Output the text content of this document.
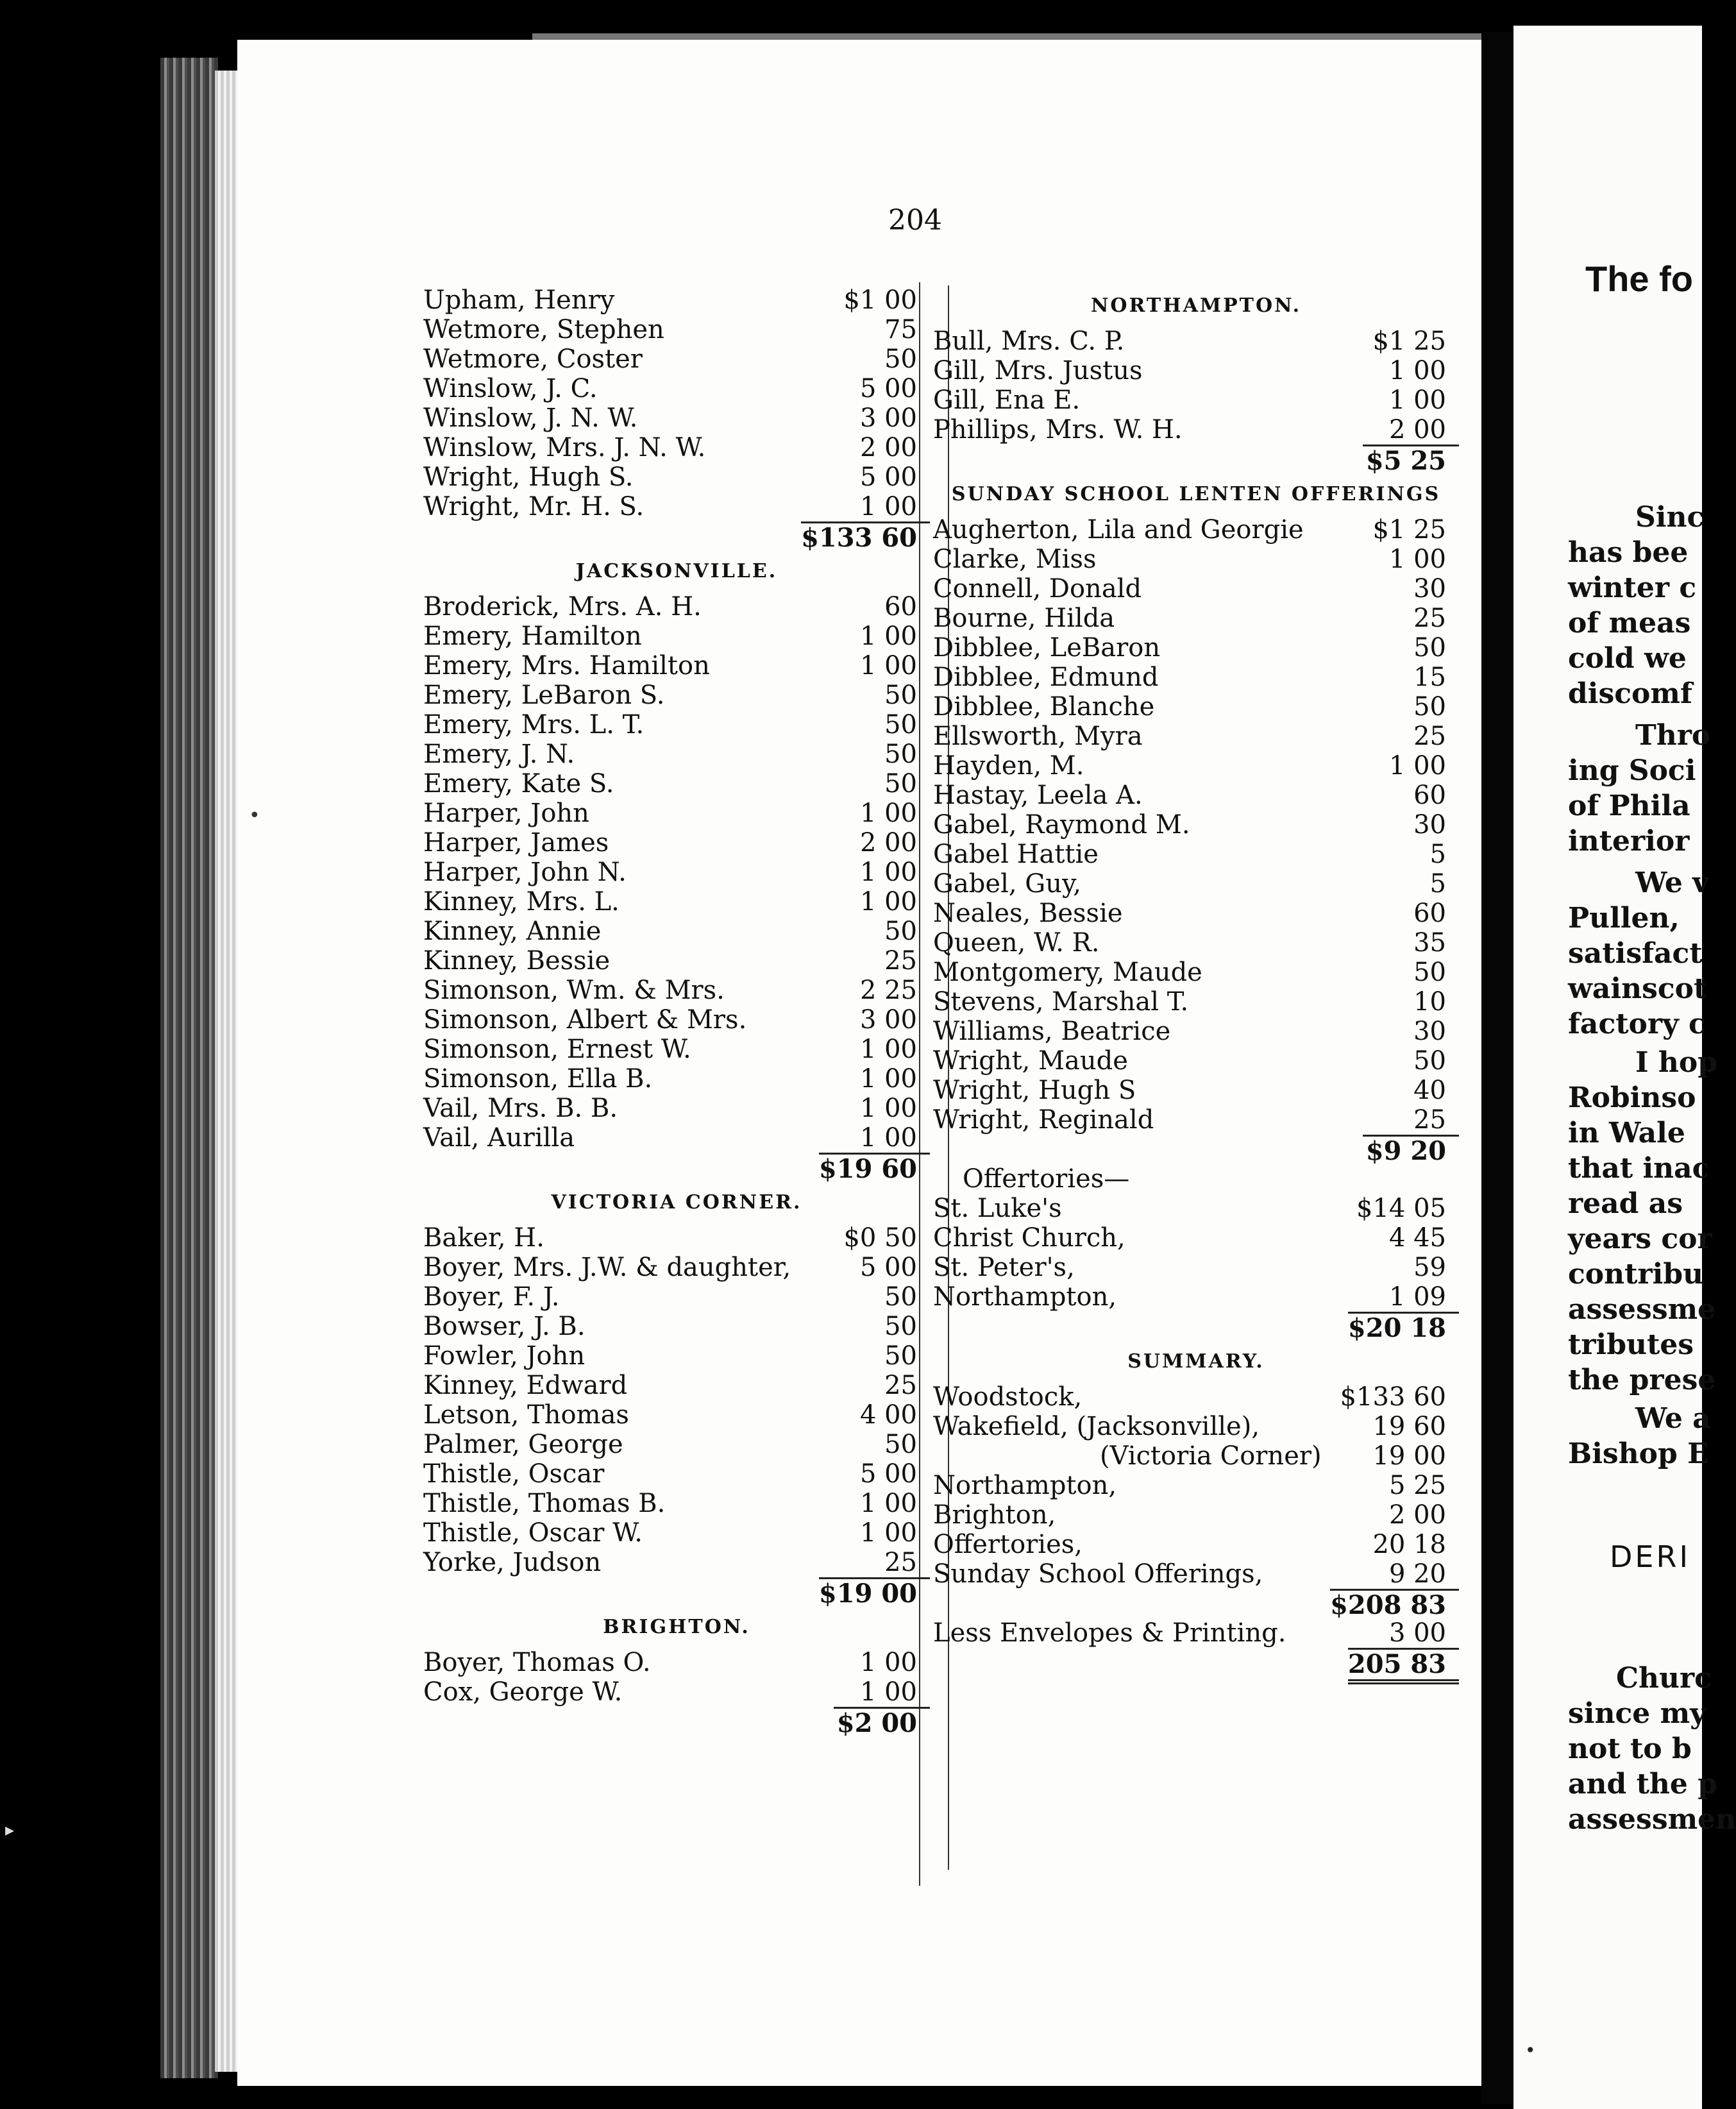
•
▸
•
204
Upham, Henry	$1 00
Wetmore, Stephen	75
Wetmore, Coster	50
Winslow, J. C.	5 00
Winslow, J. N. W.	3 00
Winslow, Mrs. J. N. W.	2 00
Wright, Hugh S.	5 00
Wright, Mr. H. S.	1 00
$133 60
JACKSONVILLE.
Broderick, Mrs. A. H.	60
Emery, Hamilton	1 00
Emery, Mrs. Hamilton	1 00
Emery, LeBaron S.	50
Emery, Mrs. L. T.	50
Emery, J. N.	50
Emery, Kate S.	50
Harper, John	1 00
Harper, James	2 00
Harper, John N.	1 00
Kinney, Mrs. L.	1 00
Kinney, Annie	50
Kinney, Bessie	25
Simonson, Wm. & Mrs.	2 25
Simonson, Albert & Mrs.	3 00
Simonson, Ernest W.	1 00
Simonson, Ella B.	1 00
Vail, Mrs. B. B.	1 00
Vail, Aurilla	1 00
$19 60
VICTORIA CORNER.
Baker, H.	$0 50
Boyer, Mrs. J.W. & daughter,	5 00
Boyer, F. J.	50
Bowser, J. B.	50
Fowler, John	50
Kinney, Edward	25
Letson, Thomas	4 00
Palmer, George	50
Thistle, Oscar	5 00
Thistle, Thomas B.	1 00
Thistle, Oscar W.	1 00
Yorke, Judson	25
$19 00
BRIGHTON.
Boyer, Thomas O.	1 00
Cox, George W.	1 00
$2 00
NORTHAMPTON.
Bull, Mrs. C. P.	$1 25
Gill, Mrs. Justus	1 00
Gill, Ena E.	1 00
Phillips, Mrs. W. H.	2 00
$5 25
SUNDAY SCHOOL LENTEN OFFERINGS
Augherton, Lila and Georgie	$1 25
Clarke, Miss	1 00
Connell, Donald	30
Bourne, Hilda	25
Dibblee, LeBaron	50
Dibblee, Edmund	15
Dibblee, Blanche	50
Ellsworth, Myra	25
Hayden, M.	1 00
Hastay, Leela A.	60
Gabel, Raymond M.	30
Gabel Hattie	5
Gabel, Guy,	5
Neales, Bessie	60
Queen, W. R.	35
Montgomery, Maude	50
Stevens, Marshal T.	10
Williams, Beatrice	30
Wright, Maude	50
Wright, Hugh S	40
Wright, Reginald	25
$9 20
Offertories—
St. Luke's	$14 05
Christ Church,	4 45
St. Peter's,	59
Northampton,	1 09
$20 18
SUMMARY.
Woodstock,	$133 60
Wakefield, (Jacksonville),	19 60
(Victoria Corner)	19 00
Northampton,	5 25
Brighton,	2 00
Offertories,	20 18
Sunday School Offerings,	9 20
$208 83
Less Envelopes & Printing.	3 00
205 83
The fo
Sinc
has bee
winter c
of meas
cold we
discomf
Thro
ing Soci
of Phila
interior
We v
Pullen,
satisfact
wainscot
factory c
I hop
Robinso
in Wale
that inac
read as
years cor
contribu
assessme
tributes
the prese
We a
Bishop E
DERI
Churc
since my
not to b
and the p
assessmen
